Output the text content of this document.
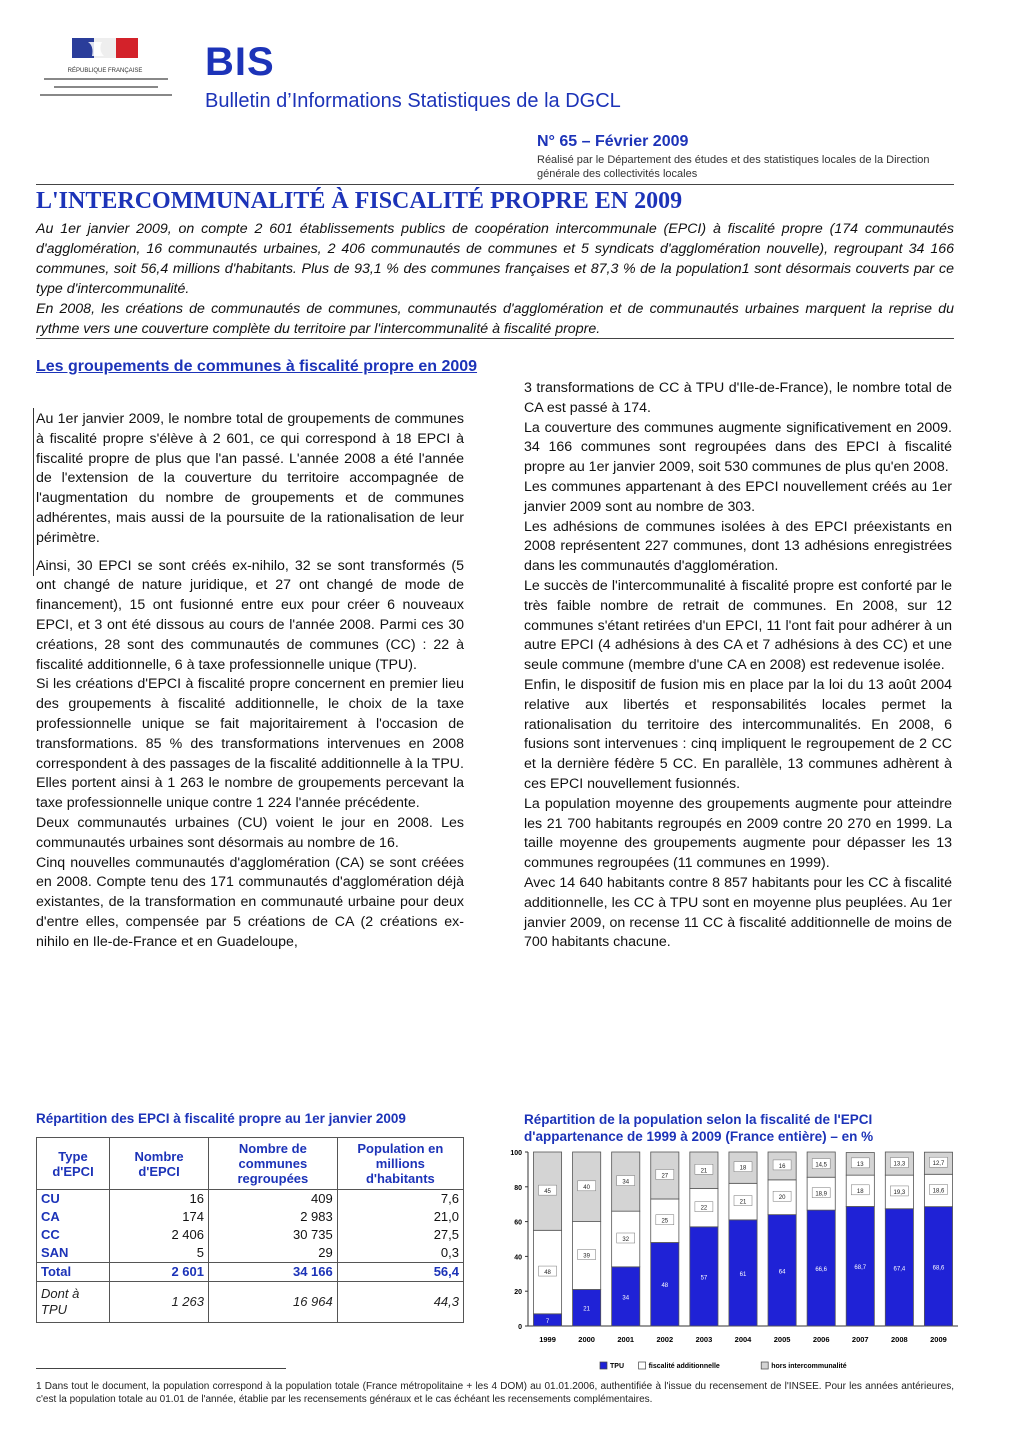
RÉPUBLIQUE FRANÇAISE BIS
Bulletin d’Informations Statistiques de la DGCL
N° 65 – Février 2009
Réalisé par le Département des études et des statistiques locales de la Direction générale des collectivités locales
L'INTERCOMMUNALITÉ À FISCALITÉ PROPRE EN 2009

Au 1er janvier 2009, on compte 2 601 établissements publics de coopération intercommunale (EPCI) à fiscalité propre (174 communautés d'agglomération, 16 communautés urbaines, 2 406 communautés de communes et 5 syndicats d'agglomération nouvelle), regroupant 34 166 communes, soit 56,4 millions d'habitants. Plus de 93,1 % des communes françaises et 87,3 % de la population1 sont désormais couverts par ce type d'intercommunalité.

En 2008, les créations de communautés de communes, communautés d'agglomération et de communautés urbaines marquent la reprise du rythme vers une couverture complète du territoire par l'intercommunalité à fiscalité propre.

Les groupements de communes à fiscalité propre en 2009

Au 1er janvier 2009, le nombre total de groupements de communes à fiscalité propre s'élève à 2 601, ce qui correspond à 18 EPCI à fiscalité propre de plus que l'an passé. L'année 2008 a été l'année de l'extension de la couverture du territoire accompagnée de l'augmentation du nombre de groupements et de communes adhérentes, mais aussi de la poursuite de la rationalisation de leur périmètre.

Ainsi, 30 EPCI se sont créés ex-nihilo, 32 se sont transformés (5 ont changé de nature juridique, et 27 ont changé de mode de financement), 15 ont fusionné entre eux pour créer 6 nouveaux EPCI, et 3 ont été dissous au cours de l'année 2008. Parmi ces 30 créations, 28 sont des communautés de communes (CC) : 22 à fiscalité additionnelle, 6 à taxe professionnelle unique (TPU).

Si les créations d'EPCI à fiscalité propre concernent en premier lieu des groupements à fiscalité additionnelle, le choix de la taxe professionnelle unique se fait majoritairement à l'occasion de transformations. 85 % des transformations intervenues en 2008 correspondent à des passages de la fiscalité additionnelle à la TPU. Elles portent ainsi à 1 263 le nombre de groupements percevant la taxe professionnelle unique contre 1 224 l'année précédente.

Deux communautés urbaines (CU) voient le jour en 2008. Les communautés urbaines sont désormais au nombre de 16.

Cinq nouvelles communautés d'agglomération (CA) se sont créées en 2008. Compte tenu des 171 communautés d'agglomération déjà existantes, de la transformation en communauté urbaine pour deux d'entre elles, compensée par 5 créations de CA (2 créations ex-nihilo en Ile-de-France et en Guadeloupe,

3 transformations de CC à TPU d'Ile-de-France), le nombre total de CA est passé à 174.

La couverture des communes augmente significativement en 2009. 34 166 communes sont regroupées dans des EPCI à fiscalité propre au 1er janvier 2009, soit 530 communes de plus qu'en 2008.

Les communes appartenant à des EPCI nouvellement créés au 1er janvier 2009 sont au nombre de 303.

Les adhésions de communes isolées à des EPCI préexistants en 2008 représentent 227 communes, dont 13 adhésions enregistrées dans les communautés d'agglomération.

Le succès de l'intercommunalité à fiscalité propre est conforté par le très faible nombre de retrait de communes. En 2008, sur 12 communes s'étant retirées d'un EPCI, 11 l'ont fait pour adhérer à un autre EPCI (4 adhésions à des CA et 7 adhésions à des CC) et une seule commune (membre d'une CA en 2008) est redevenue isolée.

Enfin, le dispositif de fusion mis en place par la loi du 13 août 2004 relative aux libertés et responsabilités locales permet la rationalisation du territoire des intercommunalités. En 2008, 6 fusions sont intervenues : cinq impliquent le regroupement de 2 CC et la dernière fédère 5 CC. En parallèle, 13 communes adhèrent à ces EPCI nouvellement fusionnés.

La population moyenne des groupements augmente pour atteindre les 21 700 habitants regroupés en 2009 contre 20 270 en 1999. La taille moyenne des groupements augmente pour dépasser les 13 communes regroupées (11 communes en 1999).

Avec 14 640 habitants contre 8 857 habitants pour les CC à fiscalité additionnelle, les CC à TPU sont en moyenne plus peuplées. Au 1er janvier 2009, on recense 11 CC à fiscalité additionnelle de moins de 700 habitants chacune.

Répartition des EPCI à fiscalité propre au 1er janvier 2009
Type d'EPCI	Nombre d'EPCI	Nombre de communes regroupées	Population en millions d'habitants
CU	16	409	7,6
CA	174	2 983	21,0
CC	2 406	30 735	27,5
SAN	5	29	0,3
Total	2 601	34 166	56,4
Dont à TPU	1 263	16 964	44,3
Répartition de la population selon la fiscalité de l'EPCI d'appartenance de 1999 à 2009 (France entière) – en %
0
20
40
60
80
100
7
48
45
1999
21
39
40
2000
34
32
34
2001
48
25
27
2002
57
22
21
2003
61
21
18
2004
64
20
16
2005
66,6
18,9
14,5
2006
68,7
18
13
2007
67,4
19,3
13,3
2008
68,6
18,6
12,7
2009
TPU	fiscalité additionnelle	hors intercommunalité
1 Dans tout le document, la population correspond à la population totale (France métropolitaine + les 4 DOM) au 01.01.2006, authentifiée à l'issue du recensement de l'INSEE. Pour les années antérieures, c'est la population totale au 01.01 de l'année, établie par les recensements généraux et le cas échéant les recensements complémentaires.
